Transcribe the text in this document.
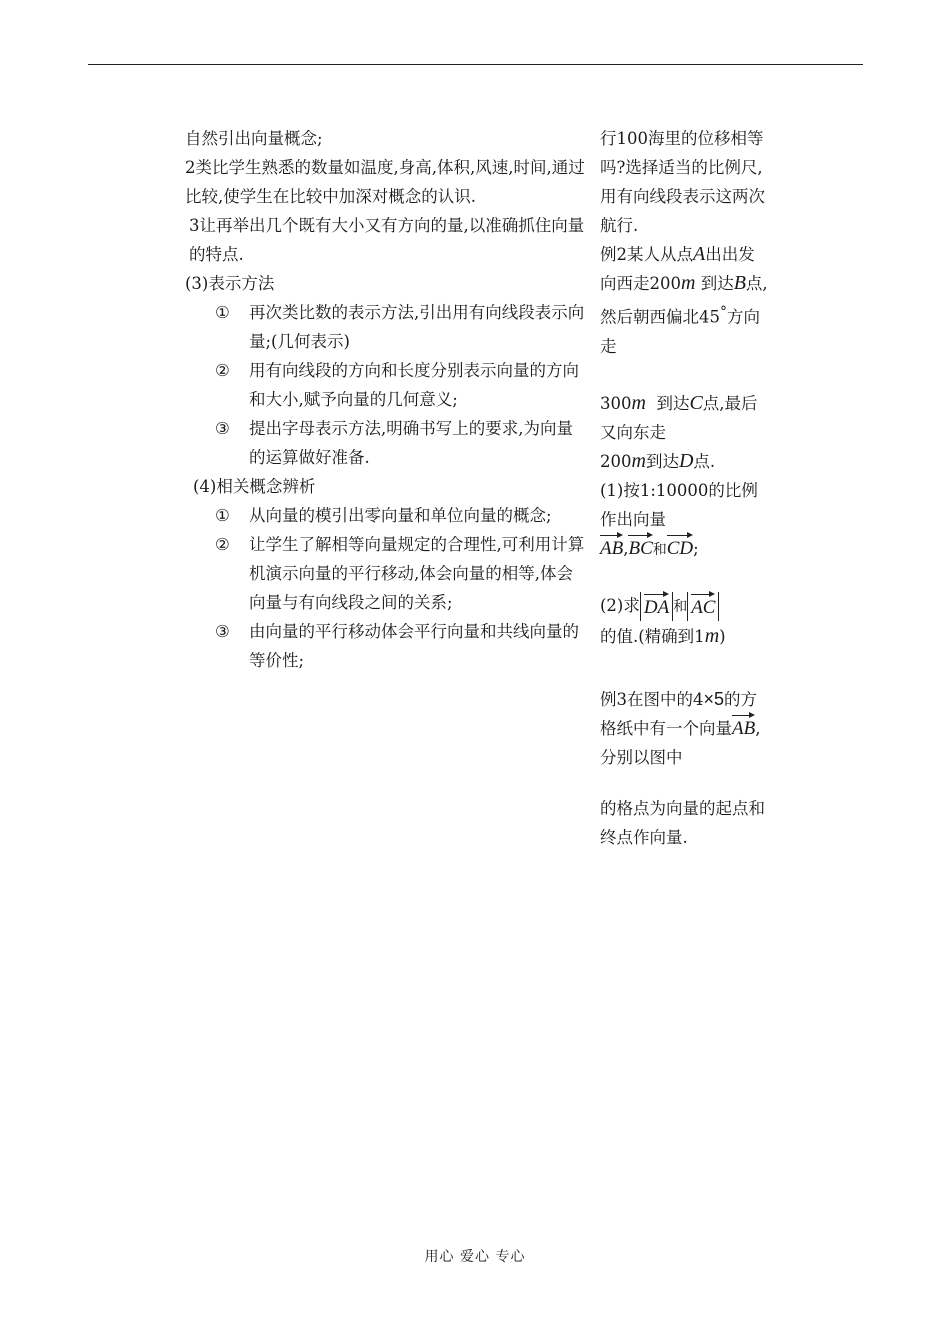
自然引出向量概念;

2类比学生熟悉的数量如温度,身高,体积,风速,时间,通过比较,使学生在比较中加深对概念的认识.

3让再举出几个既有大小又有方向的量,以准确抓住向量的特点.

(3)表示方法

①	再次类比数的表示方法,引出用有向线段表示向量;(几何表示)
②	用有向线段的方向和长度分别表示向量的方向和大小,赋予向量的几何意义;
③	提出字母表示方法,明确书写上的要求,为向量的运算做好准备.

(4)相关概念辨析

①	从向量的模引出零向量和单位向量的概念;
②	让学生了解相等向量规定的合理性,可利用计算机演示向量的平行移动,体会向量的相等,体会向量与有向线段之间的关系;
③	由向量的平行移动体会平行向量和共线向量的等价性;

行100海里的位移相等吗?选择适当的比例尺,用有向线段表示这两次航行.

例2某人从点A出出发向西走200m 到达B点,然后朝西偏北45°方向走

300m 到达C点,最后又向东走
200m到达D点.

(1)按1:10000的比例作出向量
AB,BC和CD;

(2)求 DA 和 AC
的值.(精确到1m)

例3在图中的4×5的方格纸中有一个向量AB,分别以图中

的格点为向量的起点和终点作向量.

用心 爱心 专心
